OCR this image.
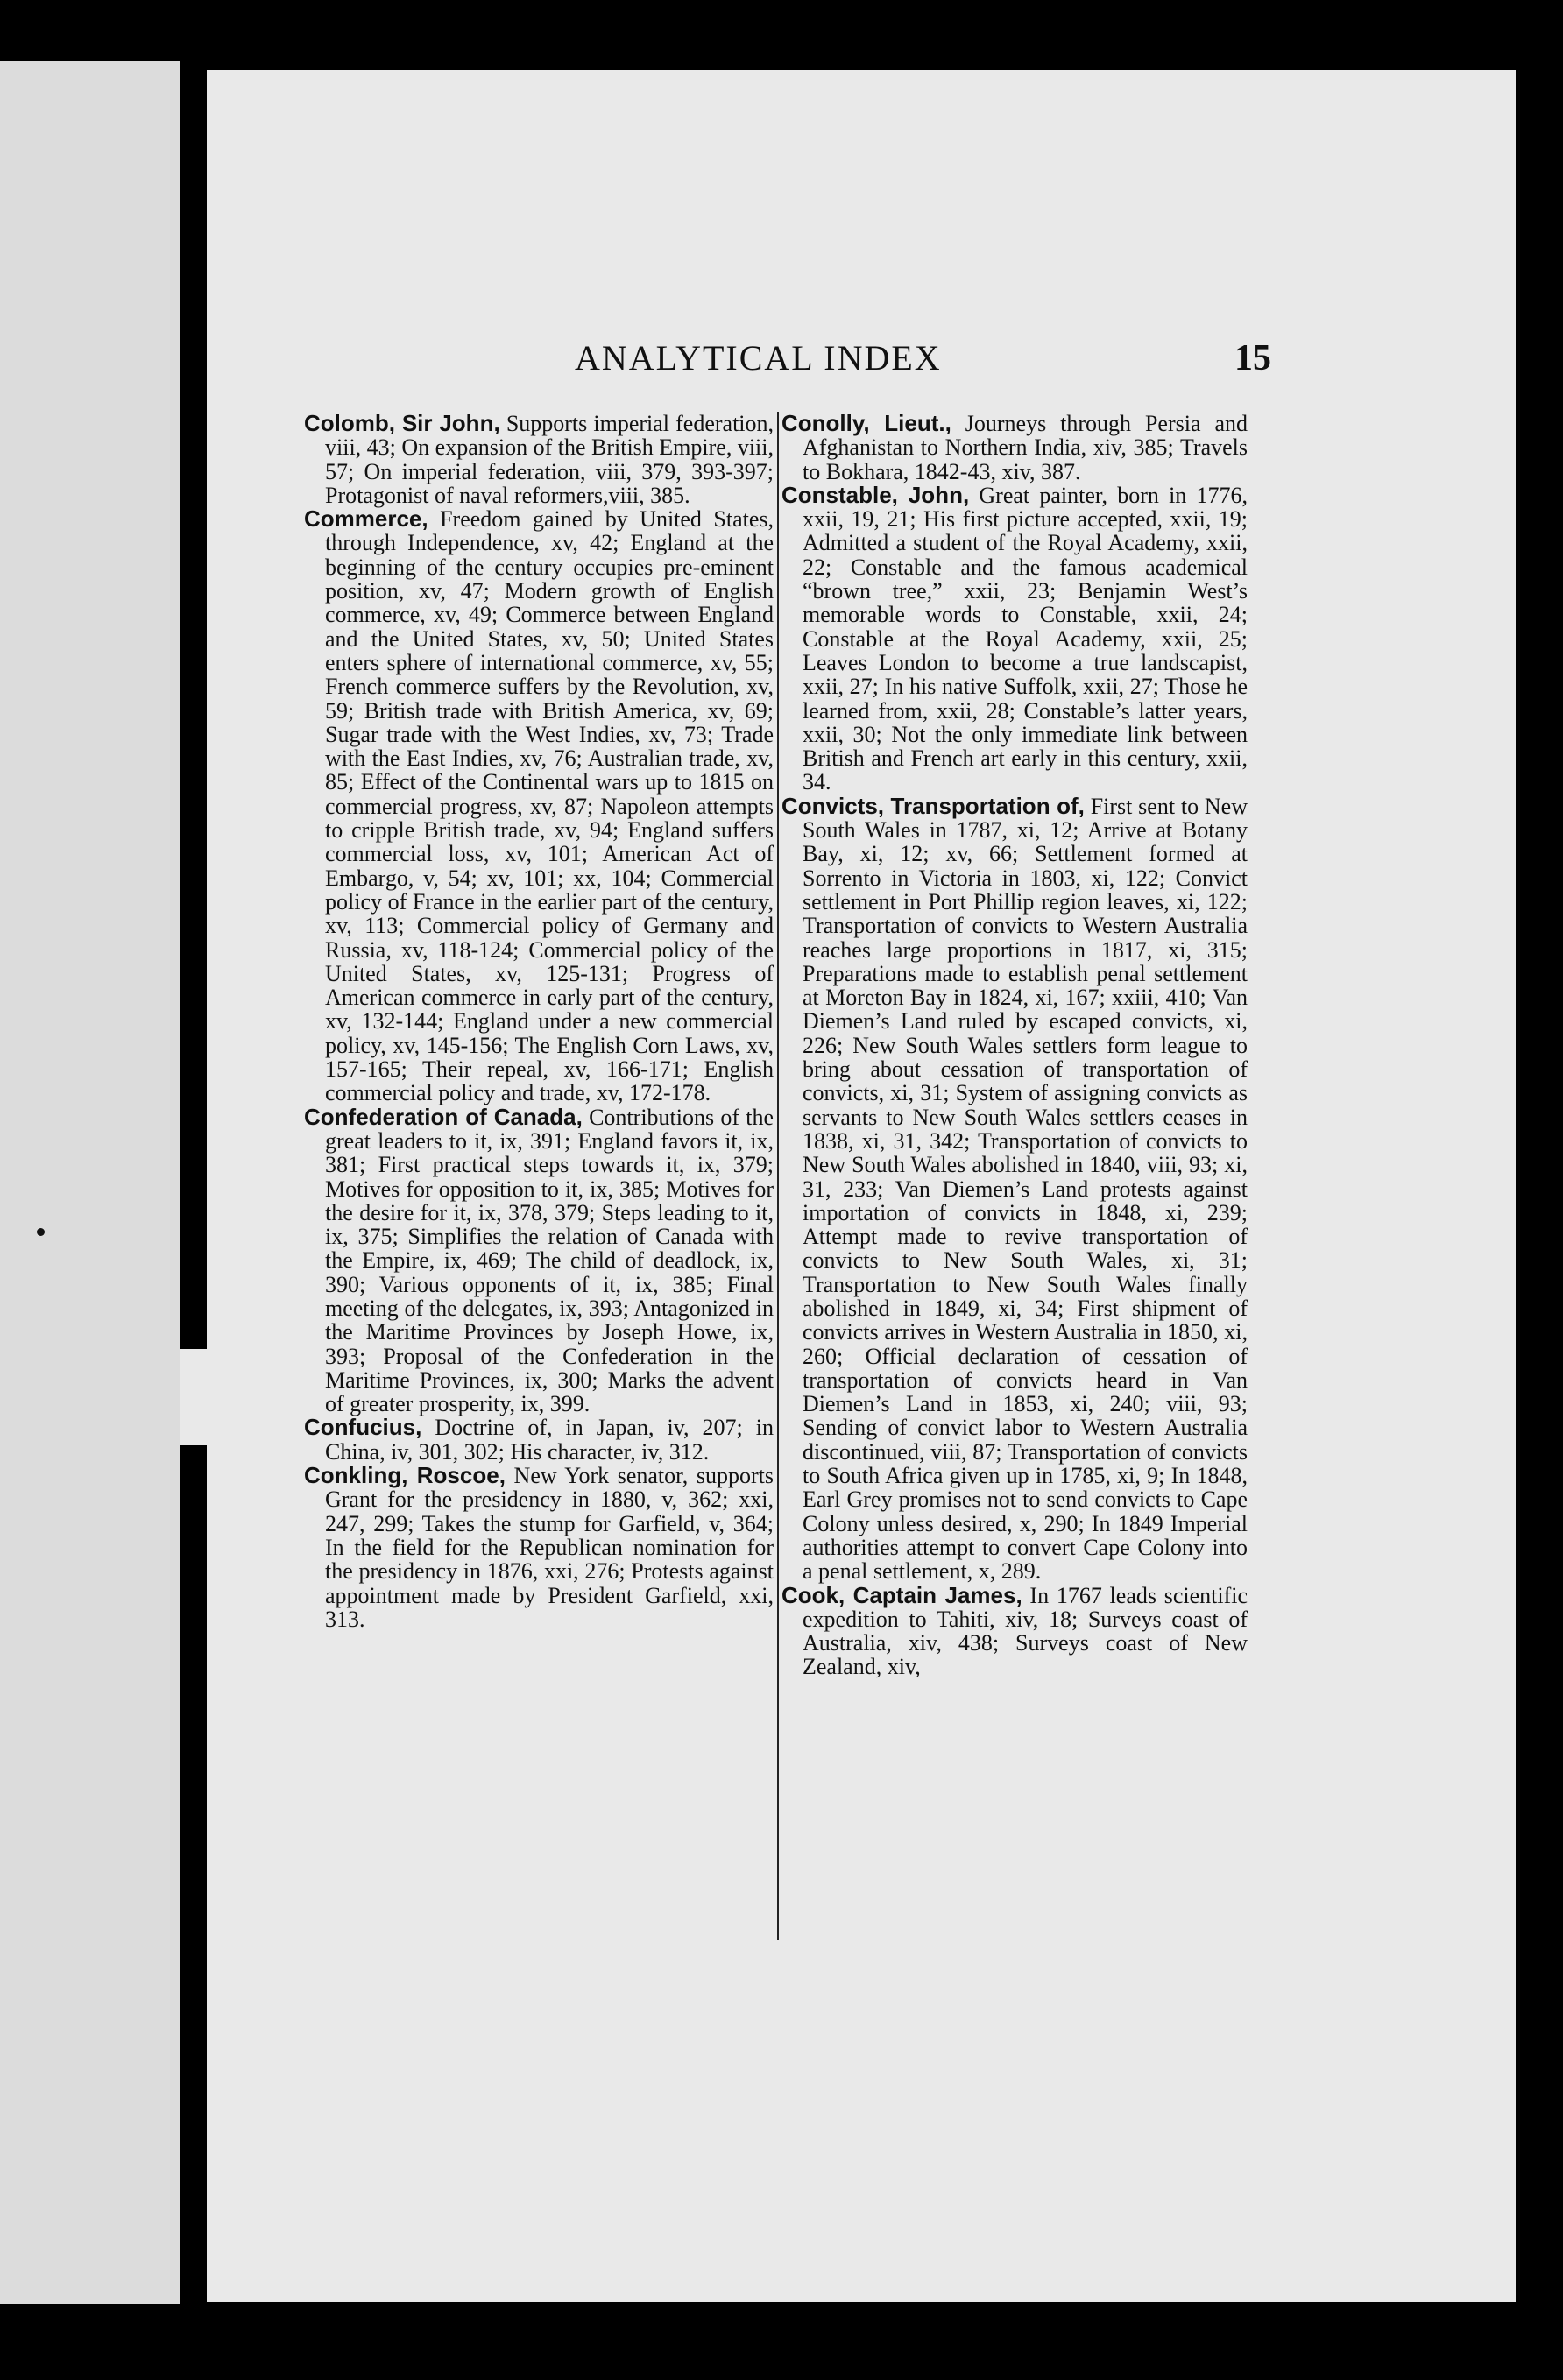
ANALYTICAL INDEX	15

Colomb, Sir John, Supports imperial federation, viii, 43; On expansion of the British Empire, viii, 57; On imperial federation, viii, 379, 393-397; Protagonist of naval reformers,viii, 385.

Commerce, Freedom gained by United States, through Independence, xv, 42; England at the beginning of the century occupies pre-eminent position, xv, 47; Modern growth of English commerce, xv, 49; Commerce between England and the United States, xv, 50; United States enters sphere of international commerce, xv, 55; French commerce suffers by the Revolution, xv, 59; British trade with British America, xv, 69; Sugar trade with the West Indies, xv, 73; Trade with the East Indies, xv, 76; Australian trade, xv, 85; Effect of the Continental wars up to 1815 on commercial progress, xv, 87; Napoleon attempts to cripple British trade, xv, 94; England suffers commercial loss, xv, 101; American Act of Embargo, v, 54; xv, 101; xx, 104; Commercial policy of France in the earlier part of the century, xv, 113; Commercial policy of Germany and Russia, xv, 118-124; Commercial policy of the United States, xv, 125-131; Progress of American commerce in early part of the century, xv, 132-144; England under a new commercial policy, xv, 145-156; The English Corn Laws, xv, 157-165; Their repeal, xv, 166-171; English commercial policy and trade, xv, 172-178.

Confederation of Canada, Contributions of the great leaders to it, ix, 391; England favors it, ix, 381; First practical steps towards it, ix, 379; Motives for opposition to it, ix, 385; Motives for the desire for it, ix, 378, 379; Steps leading to it, ix, 375; Simplifies the relation of Canada with the Empire, ix, 469; The child of deadlock, ix, 390; Various opponents of it, ix, 385; Final meeting of the delegates, ix, 393; Antagonized in the Maritime Provinces by Joseph Howe, ix, 393; Proposal of the Confederation in the Maritime Provinces, ix, 300; Marks the advent of greater prosperity, ix, 399.

Confucius, Doctrine of, in Japan, iv, 207; in China, iv, 301, 302; His character, iv, 312.

Conkling, Roscoe, New York senator, supports Grant for the presidency in 1880, v, 362; xxi, 247, 299; Takes the stump for Garfield, v, 364; In the field for the Republican nomination for the presidency in 1876, xxi, 276; Protests against appointment made by President Garfield, xxi, 313.

Conolly, Lieut., Journeys through Persia and Afghanistan to Northern India, xiv, 385; Travels to Bokhara, 1842-43, xiv, 387.

Constable, John, Great painter, born in 1776, xxii, 19, 21; His first picture accepted, xxii, 19; Admitted a student of the Royal Academy, xxii, 22; Constable and the famous academical “brown tree,” xxii, 23; Benjamin West’s memorable words to Constable, xxii, 24; Constable at the Royal Academy, xxii, 25; Leaves London to become a true landscapist, xxii, 27; In his native Suffolk, xxii, 27; Those he learned from, xxii, 28; Constable’s latter years, xxii, 30; Not the only immediate link between British and French art early in this century, xxii, 34.

Convicts, Transportation of, First sent to New South Wales in 1787, xi, 12; Arrive at Botany Bay, xi, 12; xv, 66; Settlement formed at Sorrento in Victoria in 1803, xi, 122; Convict settlement in Port Phillip region leaves, xi, 122; Transportation of convicts to Western Australia reaches large proportions in 1817, xi, 315; Preparations made to establish penal settlement at Moreton Bay in 1824, xi, 167; xxiii, 410; Van Diemen’s Land ruled by escaped convicts, xi, 226; New South Wales settlers form league to bring about cessation of transportation of convicts, xi, 31; System of assigning convicts as servants to New South Wales settlers ceases in 1838, xi, 31, 342; Transportation of convicts to New South Wales abolished in 1840, viii, 93; xi, 31, 233; Van Diemen’s Land protests against importation of convicts in 1848, xi, 239; Attempt made to revive transportation of convicts to New South Wales, xi, 31; Transportation to New South Wales finally abolished in 1849, xi, 34; First shipment of convicts arrives in Western Australia in 1850, xi, 260; Official declaration of cessation of transportation of convicts heard in Van Diemen’s Land in 1853, xi, 240; viii, 93; Sending of convict labor to Western Australia discontinued, viii, 87; Transportation of convicts to South Africa given up in 1785, xi, 9; In 1848, Earl Grey promises not to send convicts to Cape Colony unless desired, x, 290; In 1849 Imperial authorities attempt to convert Cape Colony into a penal settlement, x, 289.

Cook, Captain James, In 1767 leads scientific expedition to Tahiti, xiv, 18; Surveys coast of Australia, xiv, 438; Surveys coast of New Zealand, xiv,
